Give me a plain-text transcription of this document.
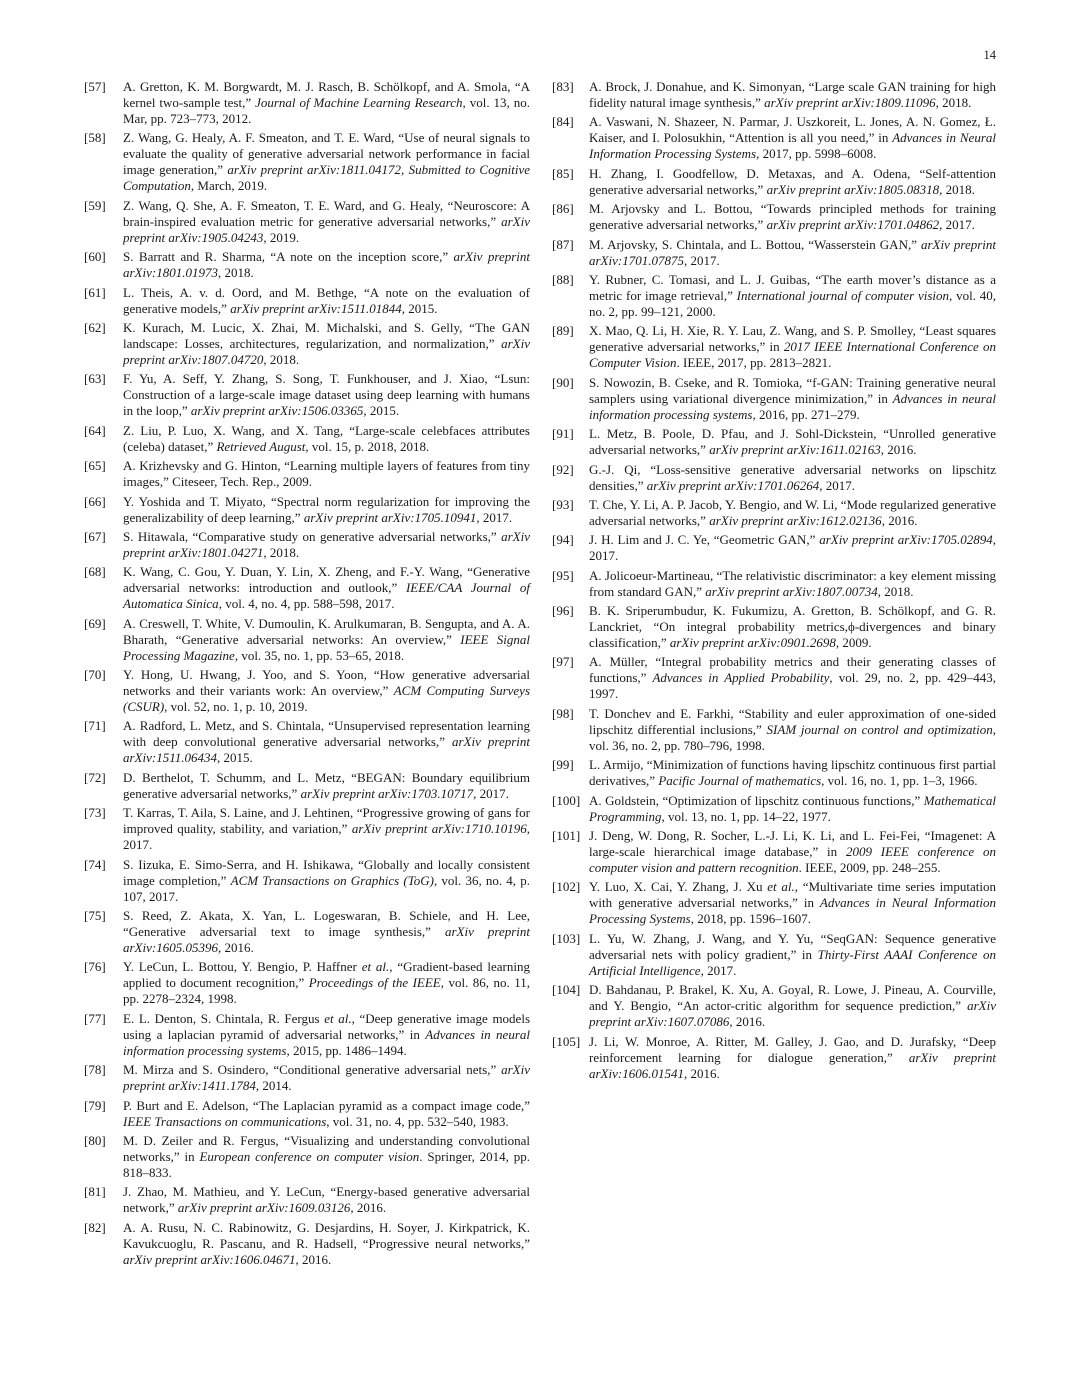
14
[57] A. Gretton, K. M. Borgwardt, M. J. Rasch, B. Schölkopf, and A. Smola, “A kernel two-sample test,” Journal of Machine Learning Research, vol. 13, no. Mar, pp. 723–773, 2012.
[58] Z. Wang, G. Healy, A. F. Smeaton, and T. E. Ward, “Use of neural signals to evaluate the quality of generative adversarial network performance in facial image generation,” arXiv preprint arXiv:1811.04172, Submitted to Cognitive Computation, March, 2019.
[59] Z. Wang, Q. She, A. F. Smeaton, T. E. Ward, and G. Healy, “Neuroscore: A brain-inspired evaluation metric for generative adversarial networks,” arXiv preprint arXiv:1905.04243, 2019.
[60] S. Barratt and R. Sharma, “A note on the inception score,” arXiv preprint arXiv:1801.01973, 2018.
[61] L. Theis, A. v. d. Oord, and M. Bethge, “A note on the evaluation of generative models,” arXiv preprint arXiv:1511.01844, 2015.
[62] K. Kurach, M. Lucic, X. Zhai, M. Michalski, and S. Gelly, “The GAN landscape: Losses, architectures, regularization, and normalization,” arXiv preprint arXiv:1807.04720, 2018.
[63] F. Yu, A. Seff, Y. Zhang, S. Song, T. Funkhouser, and J. Xiao, “Lsun: Construction of a large-scale image dataset using deep learning with humans in the loop,” arXiv preprint arXiv:1506.03365, 2015.
[64] Z. Liu, P. Luo, X. Wang, and X. Tang, “Large-scale celebfaces attributes (celeba) dataset,” Retrieved August, vol. 15, p. 2018, 2018.
[65] A. Krizhevsky and G. Hinton, “Learning multiple layers of features from tiny images,” Citeseer, Tech. Rep., 2009.
[66] Y. Yoshida and T. Miyato, “Spectral norm regularization for improving the generalizability of deep learning,” arXiv preprint arXiv:1705.10941, 2017.
[67] S. Hitawala, “Comparative study on generative adversarial networks,” arXiv preprint arXiv:1801.04271, 2018.
[68] K. Wang, C. Gou, Y. Duan, Y. Lin, X. Zheng, and F.-Y. Wang, “Generative adversarial networks: introduction and outlook,” IEEE/CAA Journal of Automatica Sinica, vol. 4, no. 4, pp. 588–598, 2017.
[69] A. Creswell, T. White, V. Dumoulin, K. Arulkumaran, B. Sengupta, and A. A. Bharath, “Generative adversarial networks: An overview,” IEEE Signal Processing Magazine, vol. 35, no. 1, pp. 53–65, 2018.
[70] Y. Hong, U. Hwang, J. Yoo, and S. Yoon, “How generative adversarial networks and their variants work: An overview,” ACM Computing Surveys (CSUR), vol. 52, no. 1, p. 10, 2019.
[71] A. Radford, L. Metz, and S. Chintala, “Unsupervised representation learning with deep convolutional generative adversarial networks,” arXiv preprint arXiv:1511.06434, 2015.
[72] D. Berthelot, T. Schumm, and L. Metz, “BEGAN: Boundary equilibrium generative adversarial networks,” arXiv preprint arXiv:1703.10717, 2017.
[73] T. Karras, T. Aila, S. Laine, and J. Lehtinen, “Progressive growing of gans for improved quality, stability, and variation,” arXiv preprint arXiv:1710.10196, 2017.
[74] S. Iizuka, E. Simo-Serra, and H. Ishikawa, “Globally and locally consistent image completion,” ACM Transactions on Graphics (ToG), vol. 36, no. 4, p. 107, 2017.
[75] S. Reed, Z. Akata, X. Yan, L. Logeswaran, B. Schiele, and H. Lee, “Generative adversarial text to image synthesis,” arXiv preprint arXiv:1605.05396, 2016.
[76] Y. LeCun, L. Bottou, Y. Bengio, P. Haffner et al., “Gradient-based learning applied to document recognition,” Proceedings of the IEEE, vol. 86, no. 11, pp. 2278–2324, 1998.
[77] E. L. Denton, S. Chintala, R. Fergus et al., “Deep generative image models using a laplacian pyramid of adversarial networks,” in Advances in neural information processing systems, 2015, pp. 1486–1494.
[78] M. Mirza and S. Osindero, “Conditional generative adversarial nets,” arXiv preprint arXiv:1411.1784, 2014.
[79] P. Burt and E. Adelson, “The Laplacian pyramid as a compact image code,” IEEE Transactions on communications, vol. 31, no. 4, pp. 532–540, 1983.
[80] M. D. Zeiler and R. Fergus, “Visualizing and understanding convolutional networks,” in European conference on computer vision. Springer, 2014, pp. 818–833.
[81] J. Zhao, M. Mathieu, and Y. LeCun, “Energy-based generative adversarial network,” arXiv preprint arXiv:1609.03126, 2016.
[82] A. A. Rusu, N. C. Rabinowitz, G. Desjardins, H. Soyer, J. Kirkpatrick, K. Kavukcuoglu, R. Pascanu, and R. Hadsell, “Progressive neural networks,” arXiv preprint arXiv:1606.04671, 2016.
[83] A. Brock, J. Donahue, and K. Simonyan, “Large scale GAN training for high fidelity natural image synthesis,” arXiv preprint arXiv:1809.11096, 2018.
[84] A. Vaswani, N. Shazeer, N. Parmar, J. Uszkoreit, L. Jones, A. N. Gomez, Ł. Kaiser, and I. Polosukhin, “Attention is all you need,” in Advances in Neural Information Processing Systems, 2017, pp. 5998–6008.
[85] H. Zhang, I. Goodfellow, D. Metaxas, and A. Odena, “Self-attention generative adversarial networks,” arXiv preprint arXiv:1805.08318, 2018.
[86] M. Arjovsky and L. Bottou, “Towards principled methods for training generative adversarial networks,” arXiv preprint arXiv:1701.04862, 2017.
[87] M. Arjovsky, S. Chintala, and L. Bottou, “Wasserstein GAN,” arXiv preprint arXiv:1701.07875, 2017.
[88] Y. Rubner, C. Tomasi, and L. J. Guibas, “The earth mover’s distance as a metric for image retrieval,” International journal of computer vision, vol. 40, no. 2, pp. 99–121, 2000.
[89] X. Mao, Q. Li, H. Xie, R. Y. Lau, Z. Wang, and S. P. Smolley, “Least squares generative adversarial networks,” in 2017 IEEE International Conference on Computer Vision. IEEE, 2017, pp. 2813–2821.
[90] S. Nowozin, B. Cseke, and R. Tomioka, “f-GAN: Training generative neural samplers using variational divergence minimization,” in Advances in neural information processing systems, 2016, pp. 271–279.
[91] L. Metz, B. Poole, D. Pfau, and J. Sohl-Dickstein, “Unrolled generative adversarial networks,” arXiv preprint arXiv:1611.02163, 2016.
[92] G.-J. Qi, “Loss-sensitive generative adversarial networks on lipschitz densities,” arXiv preprint arXiv:1701.06264, 2017.
[93] T. Che, Y. Li, A. P. Jacob, Y. Bengio, and W. Li, “Mode regularized generative adversarial networks,” arXiv preprint arXiv:1612.02136, 2016.
[94] J. H. Lim and J. C. Ye, “Geometric GAN,” arXiv preprint arXiv:1705.02894, 2017.
[95] A. Jolicoeur-Martineau, “The relativistic discriminator: a key element missing from standard GAN,” arXiv preprint arXiv:1807.00734, 2018.
[96] B. K. Sriperumbudur, K. Fukumizu, A. Gretton, B. Schölkopf, and G. R. Lanckriet, “On integral probability metrics,ϕ-divergences and binary classification,” arXiv preprint arXiv:0901.2698, 2009.
[97] A. Müller, “Integral probability metrics and their generating classes of functions,” Advances in Applied Probability, vol. 29, no. 2, pp. 429–443, 1997.
[98] T. Donchev and E. Farkhi, “Stability and euler approximation of one-sided lipschitz differential inclusions,” SIAM journal on control and optimization, vol. 36, no. 2, pp. 780–796, 1998.
[99] L. Armijo, “Minimization of functions having lipschitz continuous first partial derivatives,” Pacific Journal of mathematics, vol. 16, no. 1, pp. 1–3, 1966.
[100] A. Goldstein, “Optimization of lipschitz continuous functions,” Mathematical Programming, vol. 13, no. 1, pp. 14–22, 1977.
[101] J. Deng, W. Dong, R. Socher, L.-J. Li, K. Li, and L. Fei-Fei, “Imagenet: A large-scale hierarchical image database,” in 2009 IEEE conference on computer vision and pattern recognition. IEEE, 2009, pp. 248–255.
[102] Y. Luo, X. Cai, Y. Zhang, J. Xu et al., “Multivariate time series imputation with generative adversarial networks,” in Advances in Neural Information Processing Systems, 2018, pp. 1596–1607.
[103] L. Yu, W. Zhang, J. Wang, and Y. Yu, “SeqGAN: Sequence generative adversarial nets with policy gradient,” in Thirty-First AAAI Conference on Artificial Intelligence, 2017.
[104] D. Bahdanau, P. Brakel, K. Xu, A. Goyal, R. Lowe, J. Pineau, A. Courville, and Y. Bengio, “An actor-critic algorithm for sequence prediction,” arXiv preprint arXiv:1607.07086, 2016.
[105] J. Li, W. Monroe, A. Ritter, M. Galley, J. Gao, and D. Jurafsky, “Deep reinforcement learning for dialogue generation,” arXiv preprint arXiv:1606.01541, 2016.
